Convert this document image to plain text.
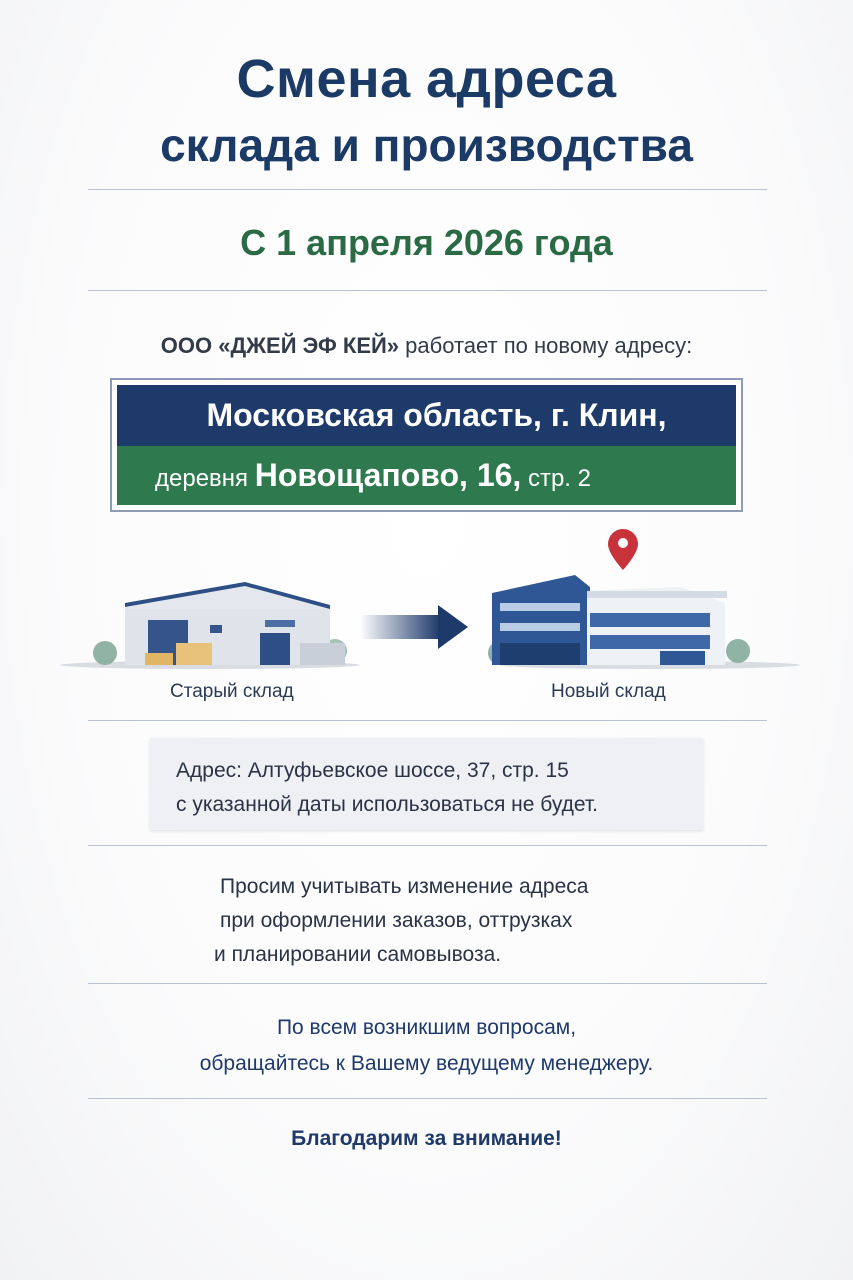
Смена адреса
склада и производства
С 1 апреля 2026 года
ООО «ДЖЕЙ ЭФ КЕЙ» работает по новому адресу:
Московская область, г. Клин,
деревня Новощапово, 16, стр. 2
Старый склад	Новый склад
Адрес: Алтуфьевское шоссе, 37, стр. 15
с указанной даты использоваться не будет.
Просим учитывать изменение адреса
при оформлении заказов, оттрузках
и планировании самовывоза.
По всем возникшим вопросам,
обращайтесь к Вашему ведущему менеджеру.
Благодарим за внимание!
